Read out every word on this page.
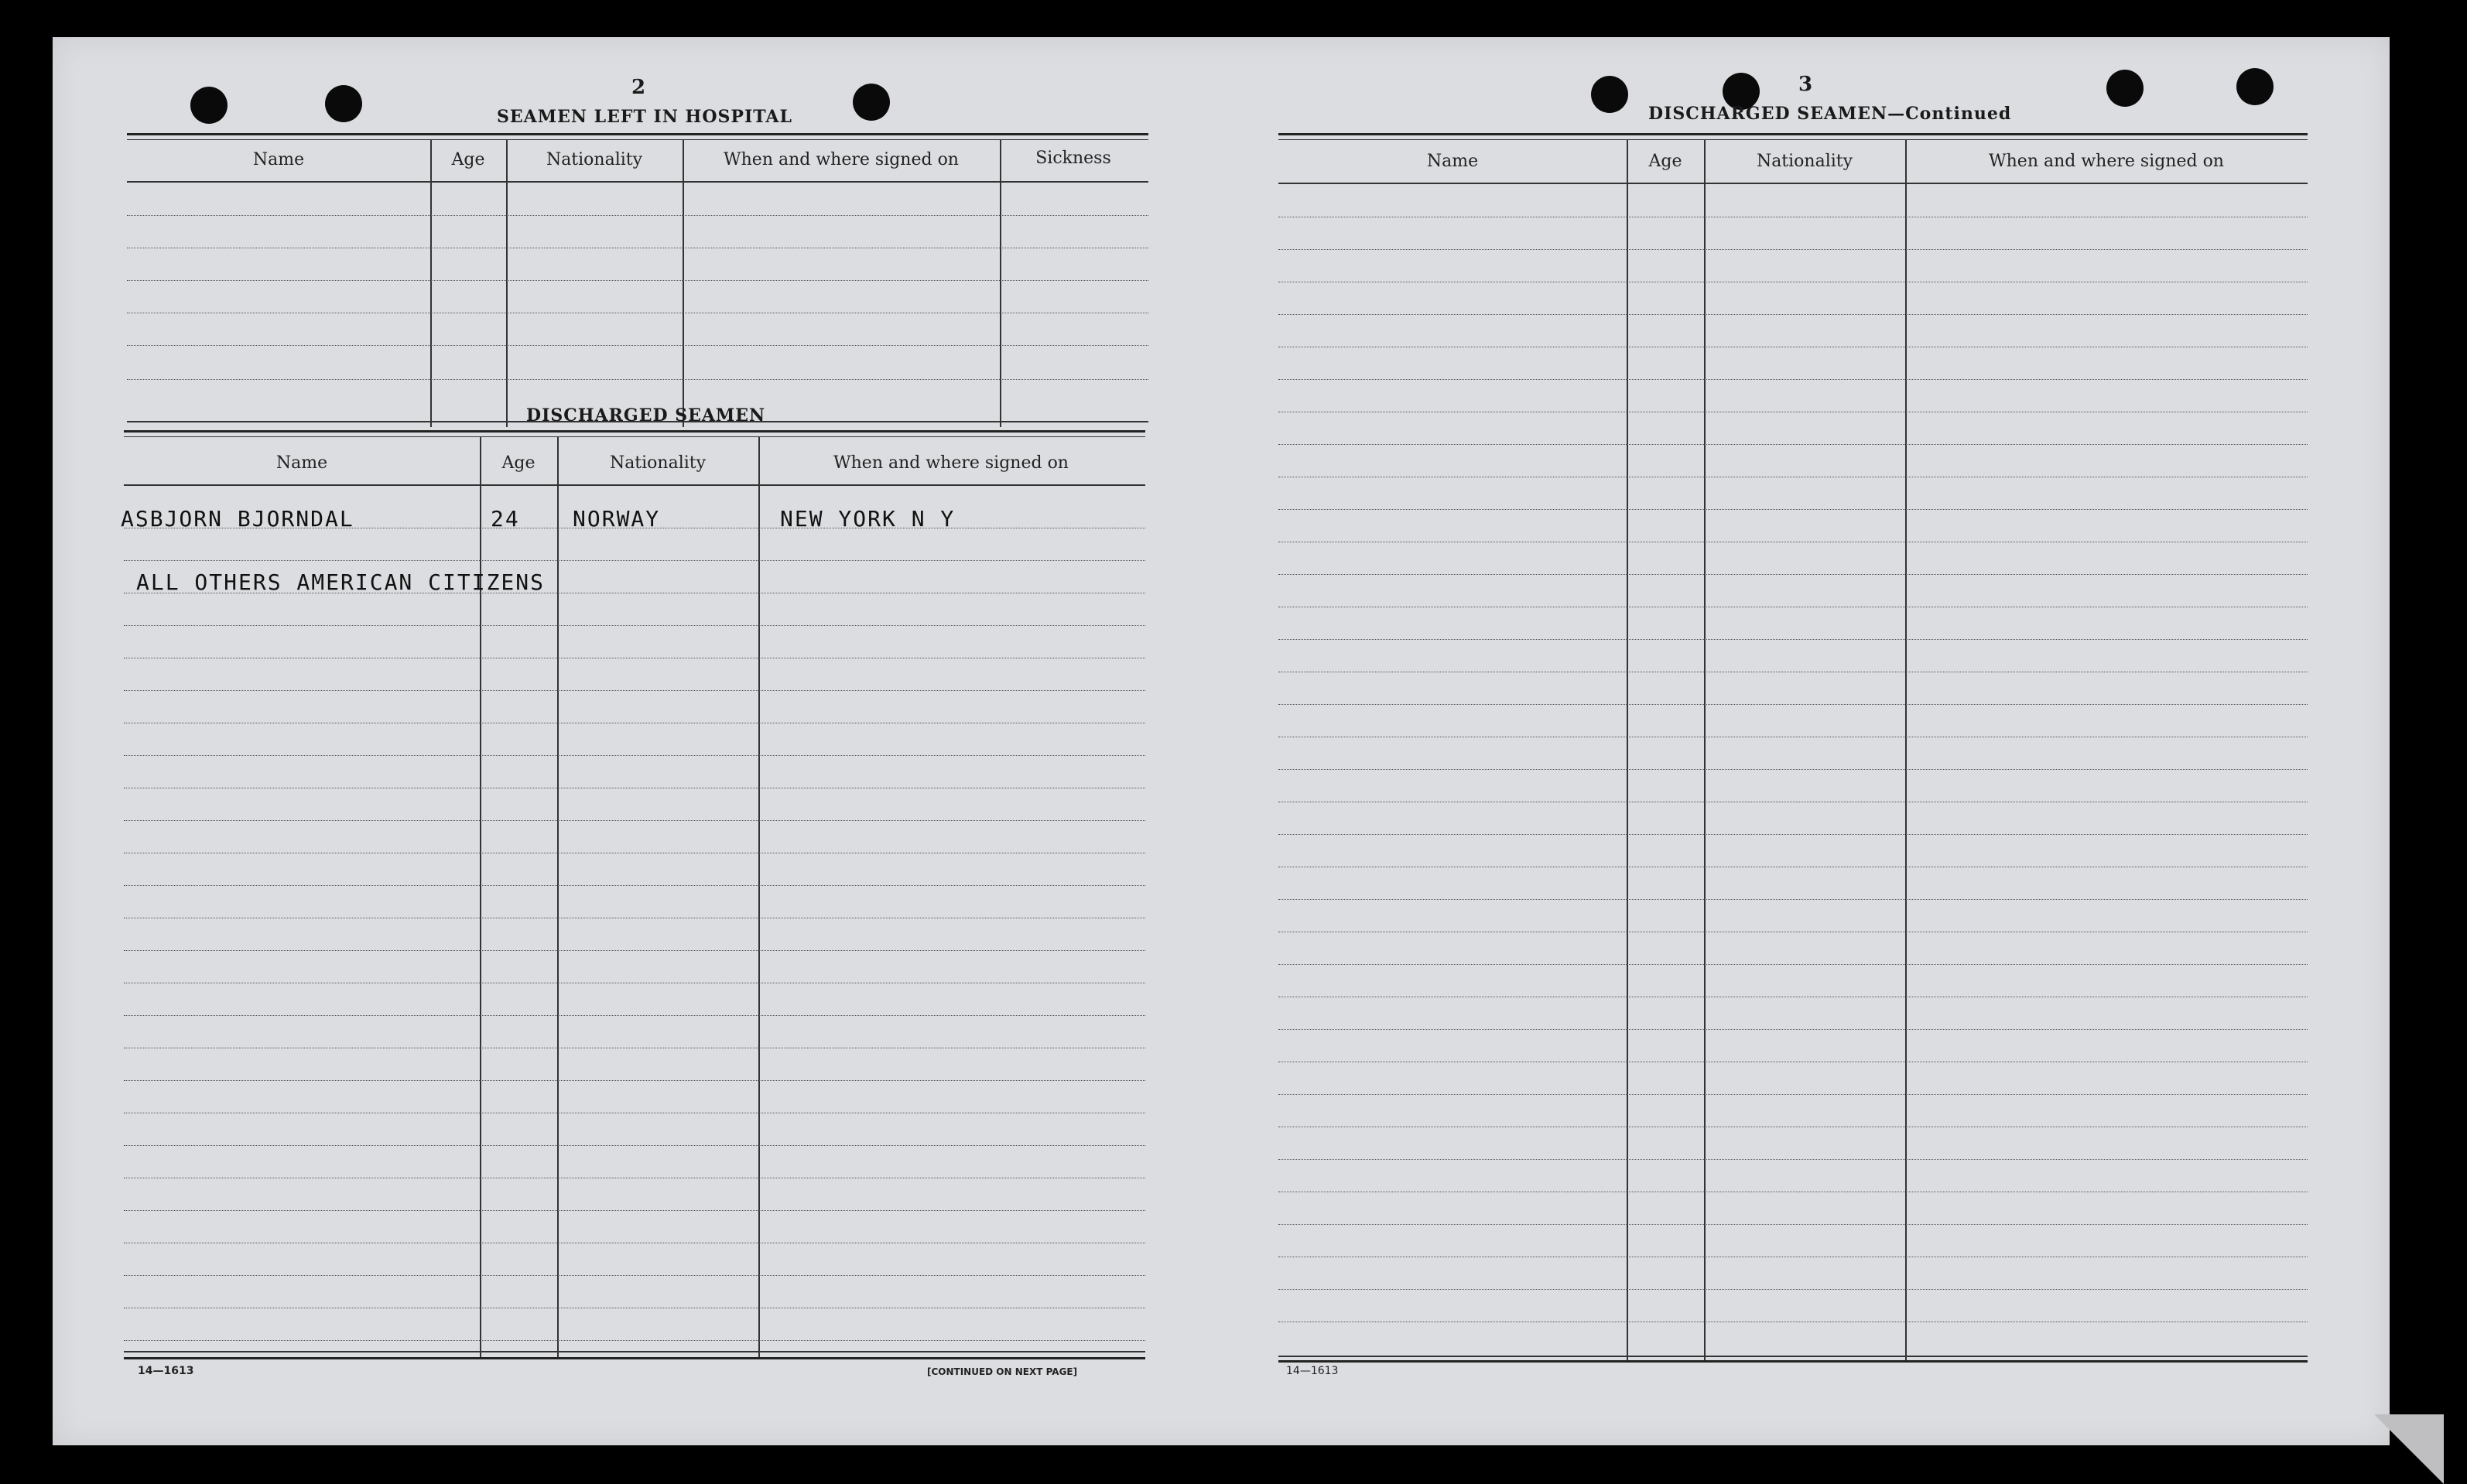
2
SEAMEN LEFT IN HOSPITAL
Name	Age	Nationality	When and where signed on	Sickness
DISCHARGED SEAMEN
Name	Age	Nationality	When and where signed on
ASBJORN BJORNDAL	24 NORWAY	NEW YORK N Y
ALL OTHERS AMERICAN CITIZENS
14—1613	[CONTINUED ON NEXT PAGE]
3
DISCHARGED SEAMEN—Continued
Name	Age	Nationality	When and where signed on
14—1613
